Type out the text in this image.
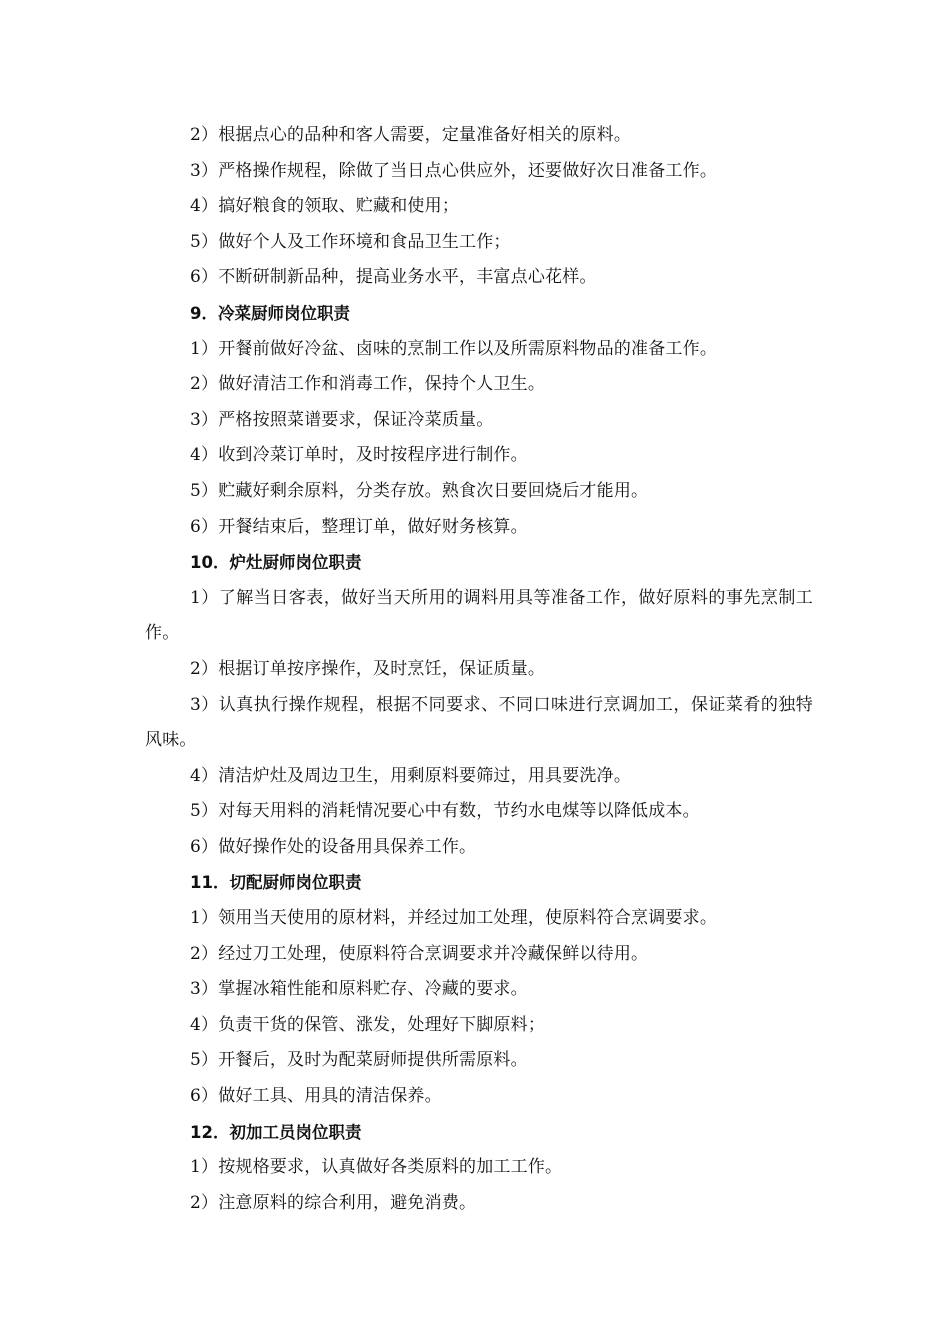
2）根据点心的品种和客人需要，定量准备好相关的原料。

3）严格操作规程，除做了当日点心供应外，还要做好次日准备工作。

4）搞好粮食的领取、贮藏和使用；

5）做好个人及工作环境和食品卫生工作；

6）不断研制新品种，提高业务水平，丰富点心花样。

9．冷菜厨师岗位职责

1）开餐前做好冷盆、卤味的烹制工作以及所需原料物品的准备工作。

2）做好清洁工作和消毒工作，保持个人卫生。

3）严格按照菜谱要求，保证冷菜质量。

4）收到冷菜订单时，及时按程序进行制作。

5）贮藏好剩余原料，分类存放。熟食次日要回烧后才能用。

6）开餐结束后，整理订单，做好财务核算。

10．炉灶厨师岗位职责

1）了解当日客表，做好当天所用的调料用具等准备工作，做好原料的事先烹制工作。

2）根据订单按序操作，及时烹饪，保证质量。

3）认真执行操作规程，根据不同要求、不同口味进行烹调加工，保证菜肴的独特风味。

4）清洁炉灶及周边卫生，用剩原料要筛过，用具要洗净。

5）对每天用料的消耗情况要心中有数，节约水电煤等以降低成本。

6）做好操作处的设备用具保养工作。

11．切配厨师岗位职责

1）领用当天使用的原材料，并经过加工处理，使原料符合烹调要求。

2）经过刀工处理，使原料符合烹调要求并冷藏保鲜以待用。

3）掌握冰箱性能和原料贮存、冷藏的要求。

4）负责干货的保管、涨发，处理好下脚原料；

5）开餐后，及时为配菜厨师提供所需原料。

6）做好工具、用具的清洁保养。

12．初加工员岗位职责

1）按规格要求，认真做好各类原料的加工工作。

2）注意原料的综合利用，避免消费。
